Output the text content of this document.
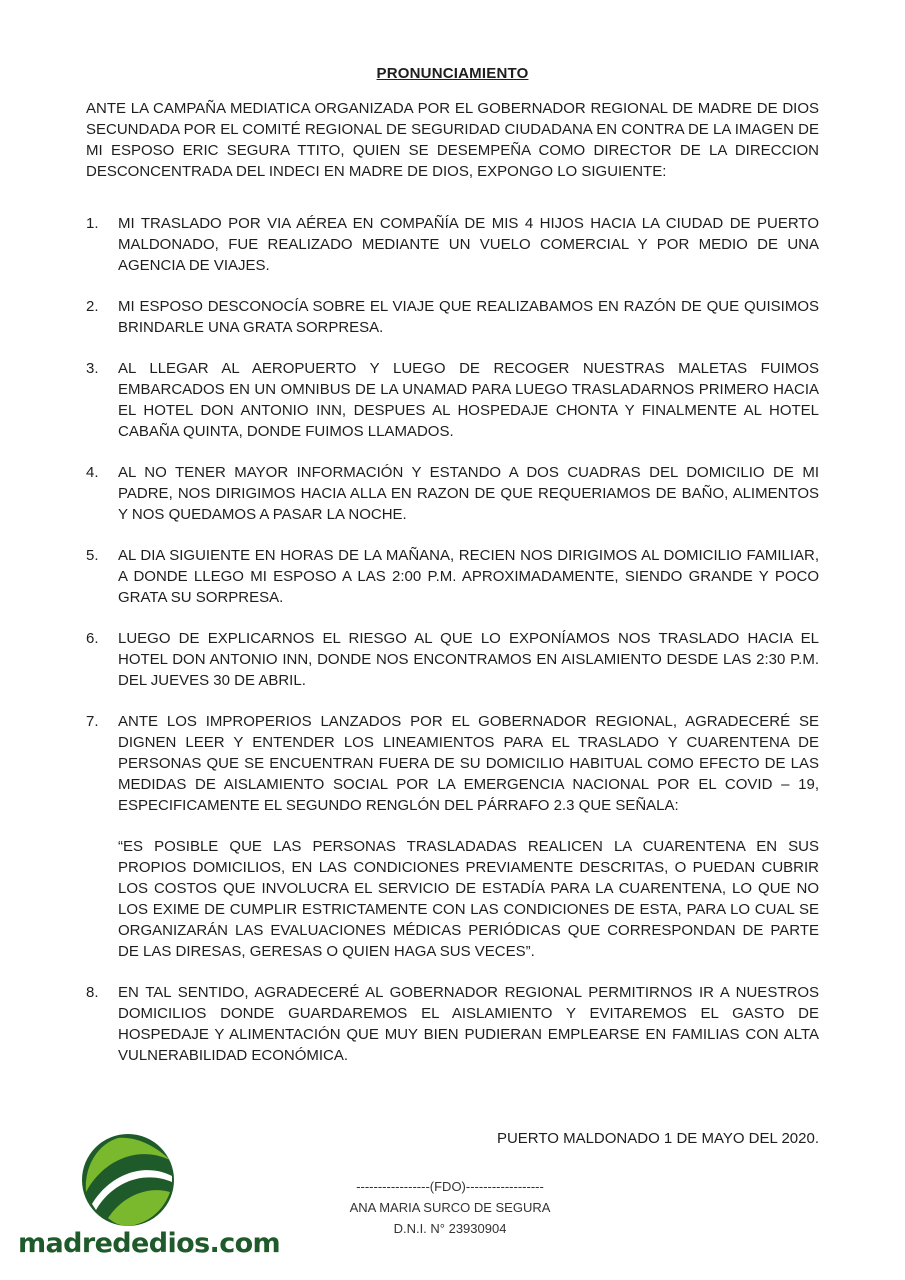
PRONUNCIAMIENTO
ANTE LA CAMPAÑA MEDIATICA ORGANIZADA POR EL GOBERNADOR REGIONAL DE MADRE DE DIOS SECUNDADA POR EL COMITÉ REGIONAL DE SEGURIDAD CIUDADANA EN CONTRA DE LA IMAGEN DE MI ESPOSO ERIC SEGURA TTITO, QUIEN SE DESEMPEÑA COMO DIRECTOR DE LA DIRECCION DESCONCENTRADA DEL INDECI EN MADRE DE DIOS, EXPONGO LO SIGUIENTE:
1. MI TRASLADO POR VIA AÉREA EN COMPAÑÍA DE MIS 4 HIJOS HACIA LA CIUDAD DE PUERTO MALDONADO, FUE REALIZADO MEDIANTE UN VUELO COMERCIAL Y POR MEDIO DE UNA AGENCIA DE VIAJES.
2. MI ESPOSO DESCONOCÍA SOBRE EL VIAJE QUE REALIZABAMOS EN RAZÓN DE QUE QUISIMOS BRINDARLE UNA GRATA SORPRESA.
3. AL LLEGAR AL AEROPUERTO Y LUEGO DE RECOGER NUESTRAS MALETAS FUIMOS EMBARCADOS EN UN OMNIBUS DE LA UNAMAD PARA LUEGO TRASLADARNOS PRIMERO HACIA EL HOTEL DON ANTONIO INN, DESPUES AL HOSPEDAJE CHONTA Y FINALMENTE AL HOTEL CABAÑA QUINTA, DONDE FUIMOS LLAMADOS.
4. AL NO TENER MAYOR INFORMACIÓN Y ESTANDO A DOS CUADRAS DEL DOMICILIO DE MI PADRE, NOS DIRIGIMOS HACIA ALLA EN RAZON DE QUE REQUERIAMOS DE BAÑO, ALIMENTOS Y NOS QUEDAMOS A PASAR LA NOCHE.
5. AL DIA SIGUIENTE EN HORAS DE LA MAÑANA, RECIEN NOS DIRIGIMOS AL DOMICILIO FAMILIAR, A DONDE LLEGO MI ESPOSO A LAS 2:00 P.M. APROXIMADAMENTE, SIENDO GRANDE Y POCO GRATA SU SORPRESA.
6. LUEGO DE EXPLICARNOS EL RIESGO AL QUE LO EXPONÍAMOS NOS TRASLADO HACIA EL HOTEL DON ANTONIO INN, DONDE NOS ENCONTRAMOS EN AISLAMIENTO DESDE LAS 2:30 P.M. DEL JUEVES 30 DE ABRIL.
7. ANTE LOS IMPROPERIOS LANZADOS POR EL GOBERNADOR REGIONAL, AGRADECERÉ SE DIGNEN LEER Y ENTENDER LOS LINEAMIENTOS PARA EL TRASLADO Y CUARENTENA DE PERSONAS QUE SE ENCUENTRAN FUERA DE SU DOMICILIO HABITUAL COMO EFECTO DE LAS MEDIDAS DE AISLAMIENTO SOCIAL POR LA EMERGENCIA NACIONAL POR EL COVID – 19, ESPECIFICAMENTE EL SEGUNDO RENGLÓN DEL PÁRRAFO 2.3 QUE SEÑALA:
“ES POSIBLE QUE LAS PERSONAS TRASLADADAS REALICEN LA CUARENTENA EN SUS PROPIOS DOMICILIOS, EN LAS CONDICIONES PREVIAMENTE DESCRITAS, O PUEDAN CUBRIR LOS COSTOS QUE INVOLUCRA EL SERVICIO DE ESTADÍA PARA LA CUARENTENA, LO QUE NO LOS EXIME DE CUMPLIR ESTRICTAMENTE CON LAS CONDICIONES DE ESTA, PARA LO CUAL SE ORGANIZARÁN LAS EVALUACIONES MÉDICAS PERIÓDICAS QUE CORRESPONDAN DE PARTE DE LAS DIRESAS, GERESAS O QUIEN HAGA SUS VECES”.
8. EN TAL SENTIDO, AGRADECERÉ AL GOBERNADOR REGIONAL PERMITIRNOS IR A NUESTROS DOMICILIOS DONDE GUARDAREMOS EL AISLAMIENTO Y EVITAREMOS EL GASTO DE HOSPEDAJE Y ALIMENTACIÓN QUE MUY BIEN PUDIERAN EMPLEARSE EN FAMILIAS CON ALTA VULNERABILIDAD ECONÓMICA.
PUERTO MALDONADO 1 DE MAYO DEL 2020.
-----------------(FDO)------------------
ANA MARIA SURCO DE SEGURA
D.N.I. N° 23930904
madrededios.com
